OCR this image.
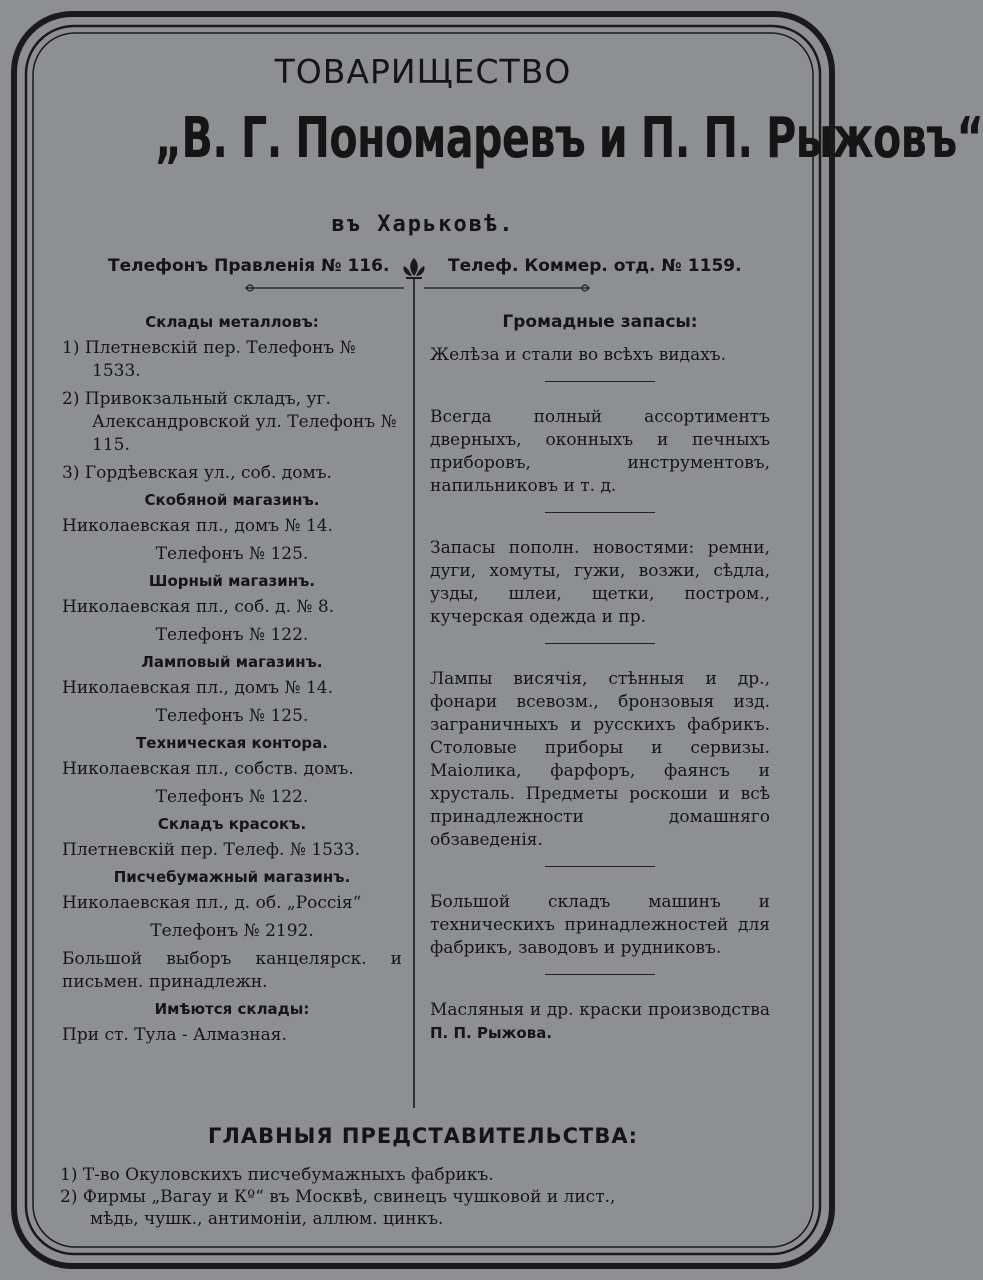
ТОВАРИЩЕСТВО
„В. Г. Пономаревъ и П. П. Рыжовъ“
въ Харьковѣ.
Телефонъ Правленія № 116.	Телеф. Коммер. отд. № 1159.
Склады металловъ:
1) Плетневскій пер. Телефонъ № 1533.
2) Привокзальный складъ, уг. Александровской ул. Телефонъ № 115.
3) Гордѣевская ул., соб. домъ.
Скобяной магазинъ.
Николаевская пл., домъ № 14.
Телефонъ № 125.
Шорный магазинъ.
Николаевская пл., соб. д. № 8.
Телефонъ № 122.
Ламповый магазинъ.
Николаевская пл., домъ № 14.
Телефонъ № 125.
Техническая контора.
Николаевская пл., собств. домъ.
Телефонъ № 122.
Складъ красокъ.
Плетневскій пер. Телеф. № 1533.
Писчебумажный магазинъ.
Николаевская пл., д. об. „Россія“
Телефонъ № 2192.
Большой выборъ канцелярск. и письмен. принадлежн.
Имѣются склады:
При ст. Тула - Алмазная.
Громадные запасы:
Желѣза и стали во всѣхъ видахъ.
Всегда полный ассортиментъ дверныхъ, оконныхъ и печныхъ приборовъ, инструментовъ, напильниковъ и т. д.
Запасы пополн. новостями: ремни, дуги, хомуты, гужи, возжи, сѣдла, узды, шлеи, щетки, постром., кучерская одежда и пр.
Лампы висячія, стѣнныя и др., фонари всевозм., бронзовыя изд. заграничныхъ и русскихъ фабрикъ. Столовые приборы и сервизы. Маіолика, фарфоръ, фаянсъ и хрусталь. Предметы роскоши и всѣ принадлежности домашняго обзаведенія.
Большой складъ машинъ и техническихъ принадлежностей для фабрикъ, заводовъ и рудниковъ.
Масляныя и др. краски производства П. П. Рыжова.
ГЛАВНЫЯ ПРЕДСТАВИТЕЛЬСТВА:
1) Т-во Окуловскихъ писчебумажныхъ фабрикъ.
2) Фирмы „Вагау и Кº“ въ Москвѣ, свинецъ чушковой и лист.,
мѣдь, чушк., антимоніи, аллюм. цинкъ.
